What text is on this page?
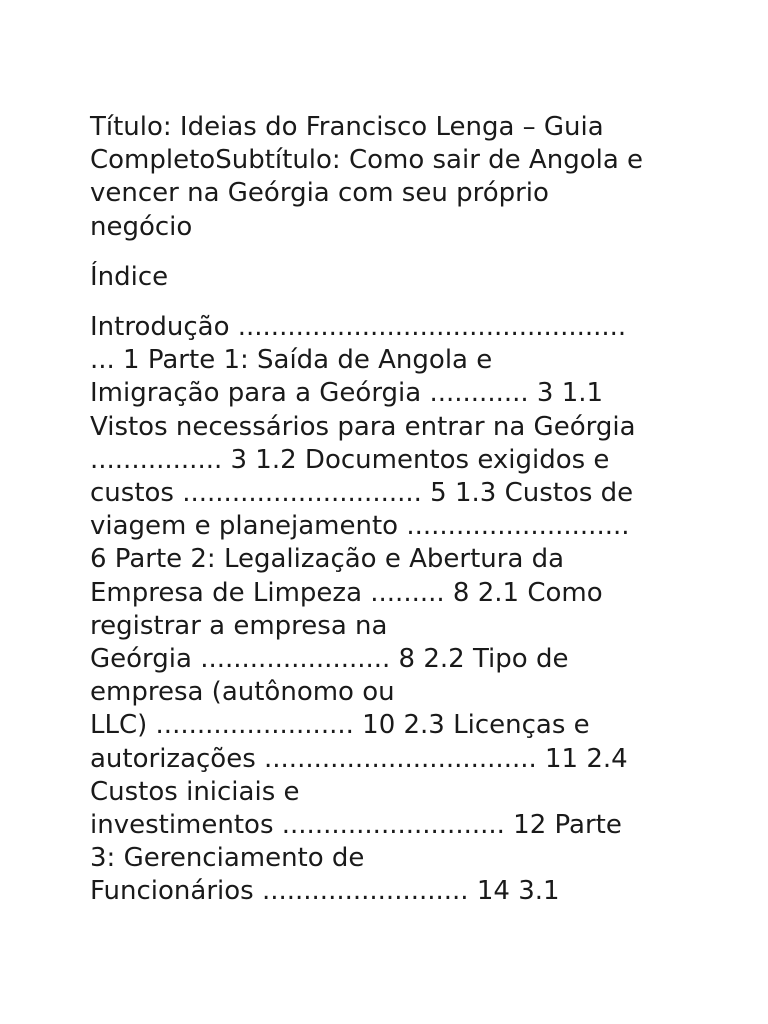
Título: Ideias do Francisco Lenga – Guia
CompletoSubtítulo: Como sair de Angola e
vencer na Geórgia com seu próprio
negócio
Índice
Introdução ...............................................
... 1 Parte 1: Saída de Angola e
Imigração para a Geórgia ............ 3 1.1
Vistos necessários para entrar na Geórgia
................ 3 1.2 Documentos exigidos e
custos ............................. 5 1.3 Custos de
viagem e planejamento ...........................
6 Parte 2: Legalização e Abertura da
Empresa de Limpeza ......... 8 2.1 Como
registrar a empresa na
Geórgia ....................... 8 2.2 Tipo de
empresa (autônomo ou
LLC) ........................ 10 2.3 Licenças e
autorizações ................................. 11 2.4
Custos iniciais e
investimentos ........................... 12 Parte
3: Gerenciamento de
Funcionários ......................... 14 3.1
